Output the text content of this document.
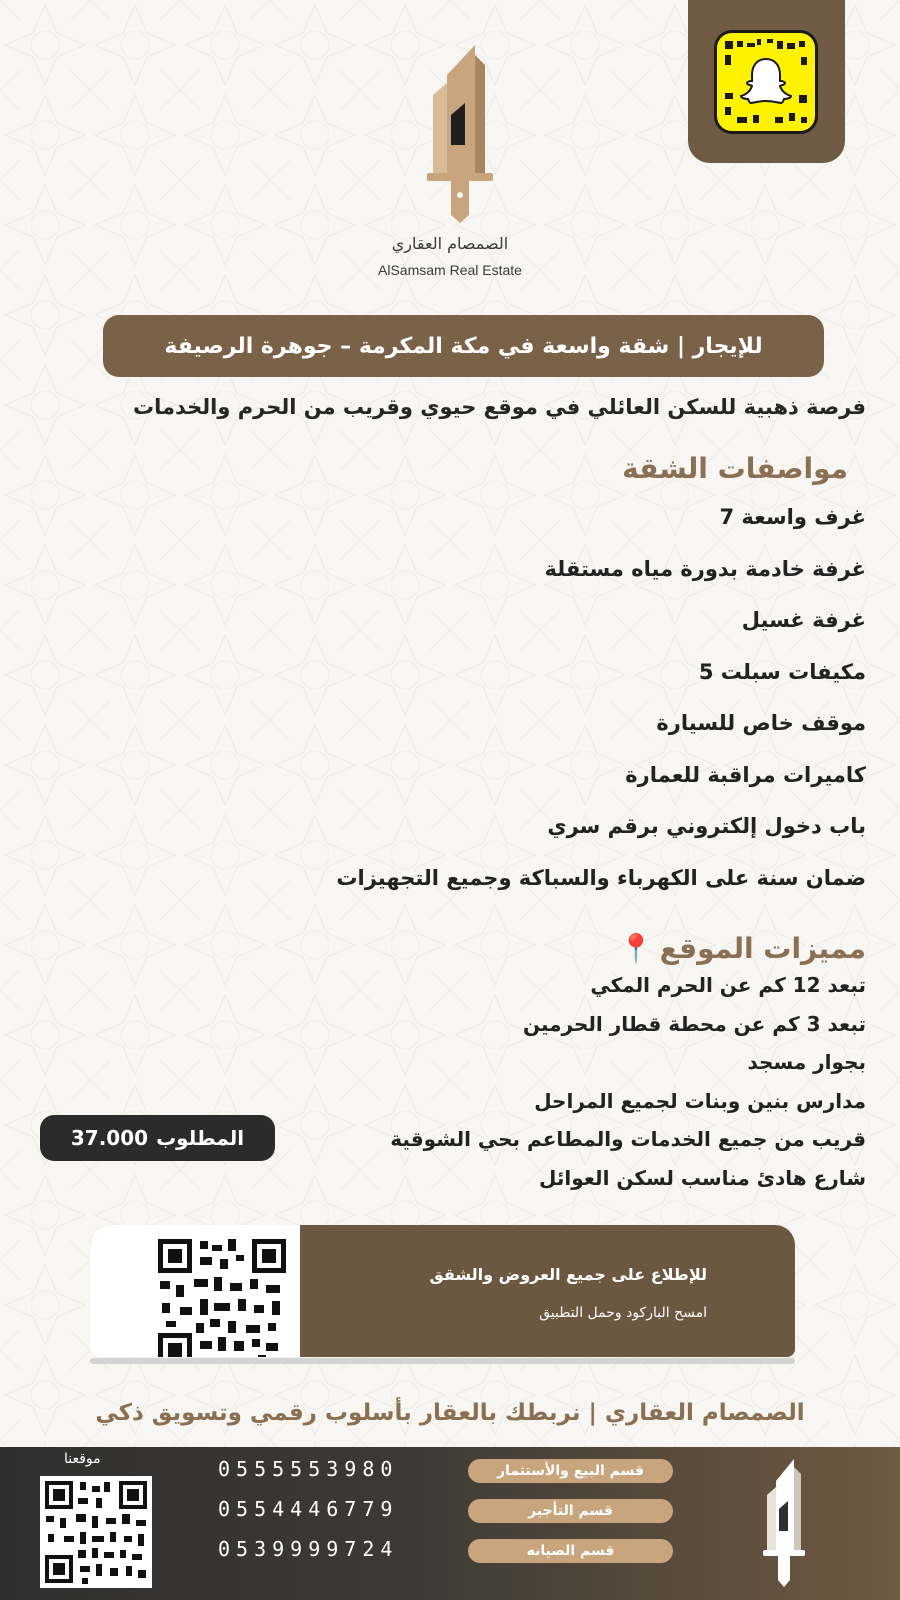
الصمصام العقاري
AlSamsam Real Estate
للإيجار | شقة واسعة في مكة المكرمة – جوهرة الرصيفة
فرصة ذهبية للسكن العائلي في موقع حيوي وقريب من الحرم والخدمات
مواصفات الشقة
غرف واسعة 7
غرفة خادمة بدورة مياه مستقلة
غرفة غسيل
مكيفات سبلت 5
موقف خاص للسيارة
كاميرات مراقبة للعمارة
باب دخول إلكتروني برقم سري
ضمان سنة على الكهرباء والسباكة وجميع التجهيزات
مميزات الموقع
📍
تبعد 12 كم عن الحرم المكي
تبعد 3 كم عن محطة قطار الحرمين
بجوار مسجد
مدارس بنين وبنات لجميع المراحل
قريب من جميع الخدمات والمطاعم بحي الشوقية
شارع هادئ مناسب لسكن العوائل
المطلوب
37.000
للإطلاع على جميع العروض والشقق
امسح الباركود وحمل التطبيق
الصمصام العقاري | نربطك بالعقار بأسلوب رقمي وتسويق ذكي
قسم البيع والأستثمار
0555553980
قسم التأجير
0554446779
قسم الصيانه
0539999724
موقعنا
